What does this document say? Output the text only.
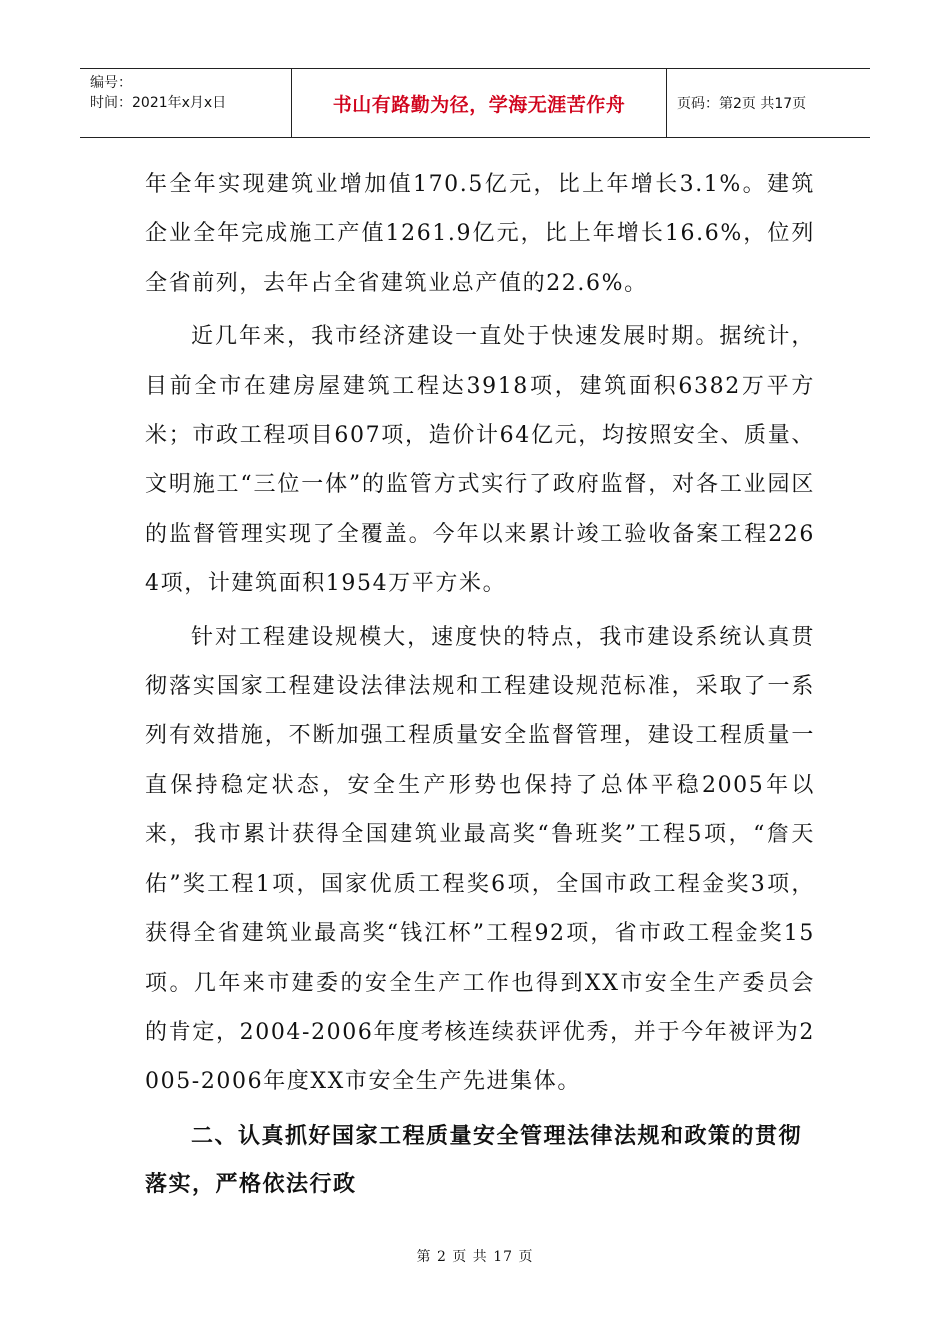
编号：
时间：2021年x月x日	书山有路勤为径，学海无涯苦作舟	页码：第2页 共17页

年全年实现建筑业增加值170.5亿元，比上年增长3.1%。建筑企业全年完成施工产值1261.9亿元，比上年增长16.6%，位列全省前列，去年占全省建筑业总产值的22.6%。

近几年来，我市经济建设一直处于快速发展时期。据统计，目前全市在建房屋建筑工程达3918项，建筑面积6382万平方米；市政工程项目607项，造价计64亿元，均按照安全、质量、文明施工“三位一体”的监管方式实行了政府监督，对各工业园区的监督管理实现了全覆盖。今年以来累计竣工验收备案工程2264项，计建筑面积1954万平方米。

针对工程建设规模大，速度快的特点，我市建设系统认真贯彻落实国家工程建设法律法规和工程建设规范标准，采取了一系列有效措施，不断加强工程质量安全监督管理，建设工程质量一直保持稳定状态，安全生产形势也保持了总体平稳2005年以来，我市累计获得全国建筑业最高奖“鲁班奖”工程5项，“詹天佑”奖工程1项，国家优质工程奖6项，全国市政工程金奖3项，获得全省建筑业最高奖“钱江杯”工程92项，省市政工程金奖15项。几年来市建委的安全生产工作也得到XX市安全生产委员会的肯定，2004-2006年度考核连续获评优秀，并于今年被评为2005-2006年度XX市安全生产先进集体。

二、认真抓好国家工程质量安全管理法律法规和政策的贯彻落实，严格依法行政
第 2 页 共 17 页
